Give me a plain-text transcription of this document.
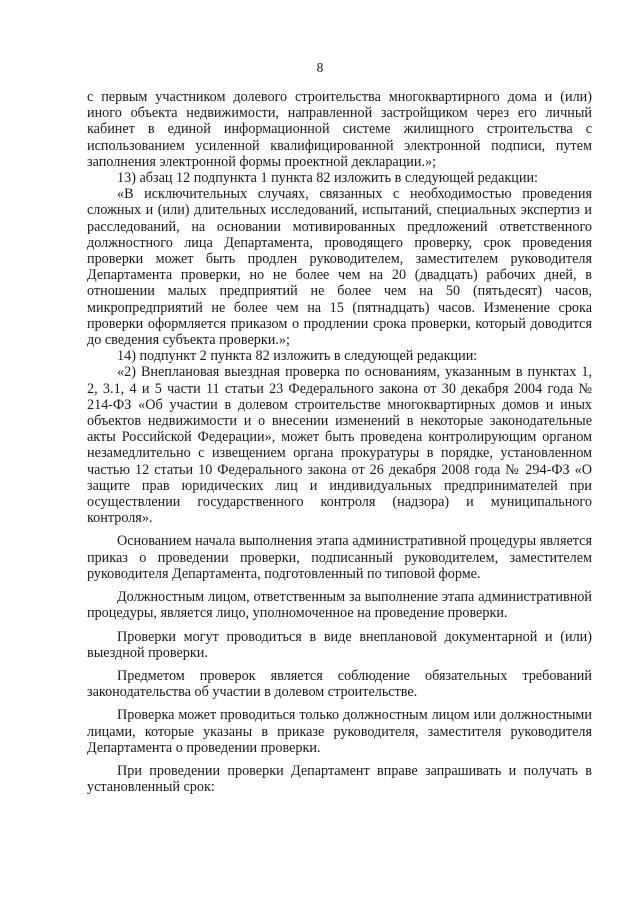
8

с первым участником долевого строительства многоквартирного дома и (или) иного объекта недвижимости, направленной застройщиком через его личный кабинет в единой информационной системе жилищного строительства с использованием усиленной квалифицированной электронной подписи, путем заполнения электронной формы проектной декларации.»;

13) абзац 12 подпункта 1 пункта 82 изложить в следующей редакции:

«В исключительных случаях, связанных с необходимостью проведения сложных и (или) длительных исследований, испытаний, специальных экспертиз и расследований, на основании мотивированных предложений ответственного должностного лица Департамента, проводящего проверку, срок проведения проверки может быть продлен руководителем, заместителем руководителя Департамента проверки, но не более чем на 20 (двадцать) рабочих дней, в отношении малых предприятий не более чем на 50 (пятьдесят) часов, микропредприятий не более чем на 15 (пятнадцать) часов. Изменение срока проверки оформляется приказом о продлении срока проверки, который доводится до сведения субъекта проверки.»;

14) подпункт 2 пункта 82 изложить в следующей редакции:

«2) Внеплановая выездная проверка по основаниям, указанным в пунктах 1, 2, 3.1, 4 и 5 части 11 статьи 23 Федерального закона от 30 декабря 2004 года № 214-ФЗ «Об участии в долевом строительстве многоквартирных домов и иных объектов недвижимости и о внесении изменений в некоторые законодательные акты Российской Федерации», может быть проведена контролирующим органом незамедлительно с извещением органа прокуратуры в порядке, установленном частью 12 статьи 10 Федерального закона от 26 декабря 2008 года № 294-ФЗ «О защите прав юридических лиц и индивидуальных предпринимателей при осуществлении государственного контроля (надзора) и муниципального контроля».

Основанием начала выполнения этапа административной процедуры является приказ о проведении проверки, подписанный руководителем, заместителем руководителя Департамента, подготовленный по типовой форме.

Должностным лицом, ответственным за выполнение этапа административной процедуры, является лицо, уполномоченное на проведение проверки.

Проверки могут проводиться в виде внеплановой документарной и (или) выездной проверки.

Предметом проверок является соблюдение обязательных требований законодательства об участии в долевом строительстве.

Проверка может проводиться только должностным лицом или должностными лицами, которые указаны в приказе руководителя, заместителя руководителя Департамента о проведении проверки.

При проведении проверки Департамент вправе запрашивать и получать в установленный срок:
